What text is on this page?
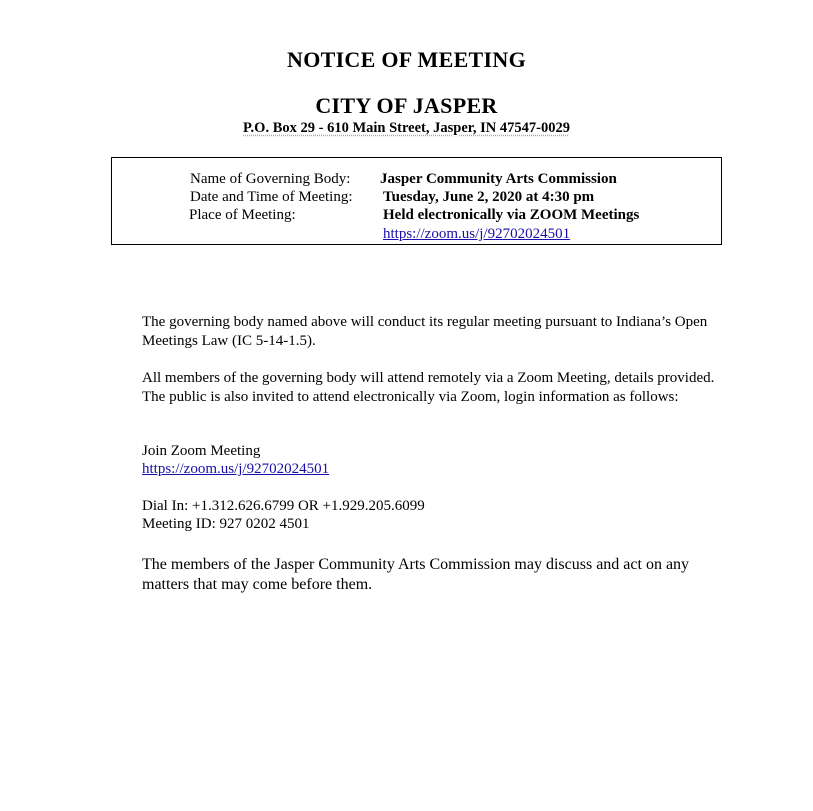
NOTICE OF MEETING
CITY OF JASPER
P.O. Box 29 - 610 Main Street, Jasper, IN 47547-0029
Name of Governing Body: Jasper Community Arts Commission
Date and Time of Meeting: Tuesday, June 2, 2020 at 4:30 pm
Place of Meeting:	Held electronically via ZOOM Meetings
https://zoom.us/j/92702024501
The governing body named above will conduct its regular meeting pursuant to Indiana’s Open Meetings Law (IC 5-14-1.5).
All members of the governing body will attend remotely via a Zoom Meeting, details provided. The public is also invited to attend electronically via Zoom, login information as follows:
Join Zoom Meeting
https://zoom.us/j/92702024501
Dial In: +1.312.626.6799 OR +1.929.205.6099
Meeting ID: 927 0202 4501
The members of the Jasper Community Arts Commission may discuss and act on any matters that may come before them.
